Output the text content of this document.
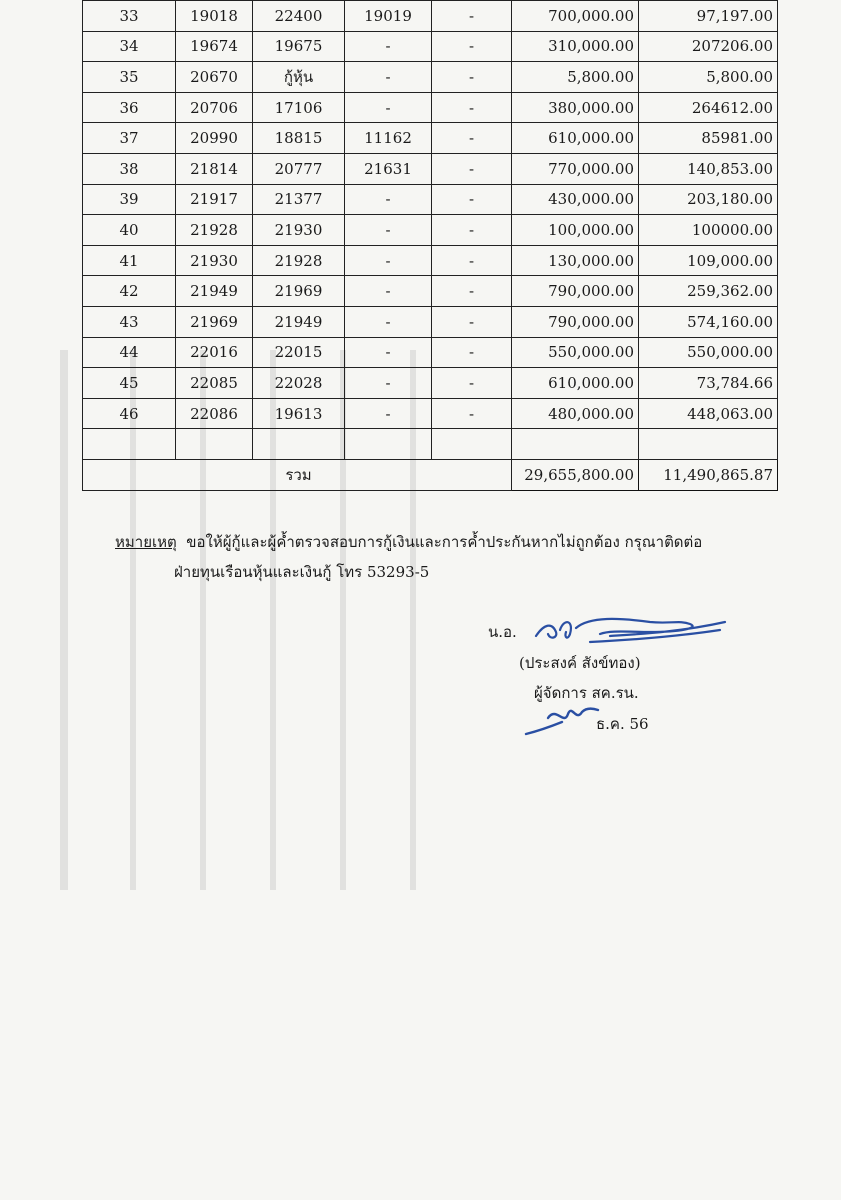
33	19018	22400	19019	-	700,000.00	97,197.00
34	19674	19675	-	-	310,000.00	207206.00
35	20670	กู้หุ้น	-	-	5,800.00	5,800.00
36	20706	17106	-	-	380,000.00	264612.00
37	20990	18815	11162	-	610,000.00	85981.00
38	21814	20777	21631	-	770,000.00	140,853.00
39	21917	21377	-	-	430,000.00	203,180.00
40	21928	21930	-	-	100,000.00	100000.00
41	21930	21928	-	-	130,000.00	109,000.00
42	21949	21969	-	-	790,000.00	259,362.00
43	21969	21949	-	-	790,000.00	574,160.00
44	22016	22015	-	-	550,000.00	550,000.00
45	22085	22028	-	-	610,000.00	73,784.66
46	22086	19613	-	-	480,000.00	448,063.00

		รวม			29,655,800.00	11,490,865.87
หมายเหตุ ขอให้ผู้กู้และผู้ค้ำตรวจสอบการกู้เงินและการค้ำประกันหากไม่ถูกต้อง กรุณาติดต่อ
ฝ่ายทุนเรือนหุ้นและเงินกู้ โทร 53293-5
น.อ.
(ประสงค์ สังข์ทอง)
ผู้จัดการ สค.รน.
ธ.ค. 56
